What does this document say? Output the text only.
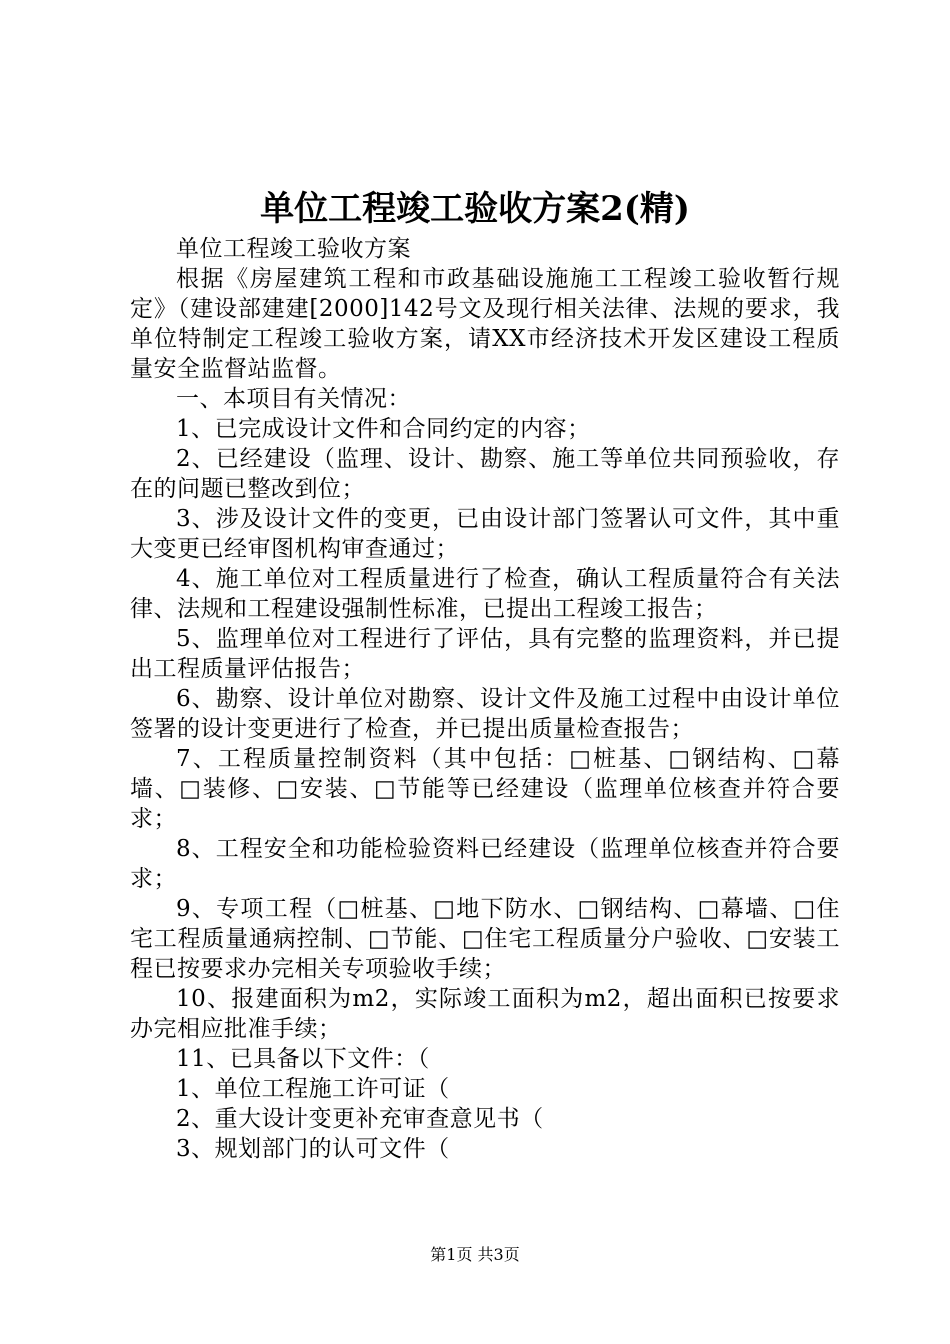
单位工程竣工验收方案2(精)

单位工程竣工验收方案

根据《房屋建筑工程和市政基础设施施工工程竣工验收暂行规定》（建设部建建[2000]142号文及现行相关法律、法规的要求，我单位特制定工程竣工验收方案，请XX市经济技术开发区建设工程质量安全监督站监督。

一、本项目有关情况：

1、已完成设计文件和合同约定的内容；

2、已经建设（监理、设计、勘察、施工等单位共同预验收，存在的问题已整改到位；

3、涉及设计文件的变更，已由设计部门签署认可文件，其中重大变更已经审图机构审查通过；

4、施工单位对工程质量进行了检查，确认工程质量符合有关法律、法规和工程建设强制性标准，已提出工程竣工报告；

5、监理单位对工程进行了评估，具有完整的监理资料，并已提出工程质量评估报告；

6、勘察、设计单位对勘察、设计文件及施工过程中由设计单位签署的设计变更进行了检查，并已提出质量检查报告；

7、工程质量控制资料（其中包括：□桩基、□钢结构、□幕墙、□装修、□安装、□节能等已经建设（监理单位核查并符合要求；

8、工程安全和功能检验资料已经建设（监理单位核查并符合要求；

9、专项工程（□桩基、□地下防水、□钢结构、□幕墙、□住宅工程质量通病控制、□节能、□住宅工程质量分户验收、□安装工程已按要求办完相关专项验收手续；

10、报建面积为m2，实际竣工面积为m2，超出面积已按要求办完相应批准手续；

11、已具备以下文件：（

1、单位工程施工许可证（

2、重大设计变更补充审查意见书（

3、规划部门的认可文件（

第1页 共3页
